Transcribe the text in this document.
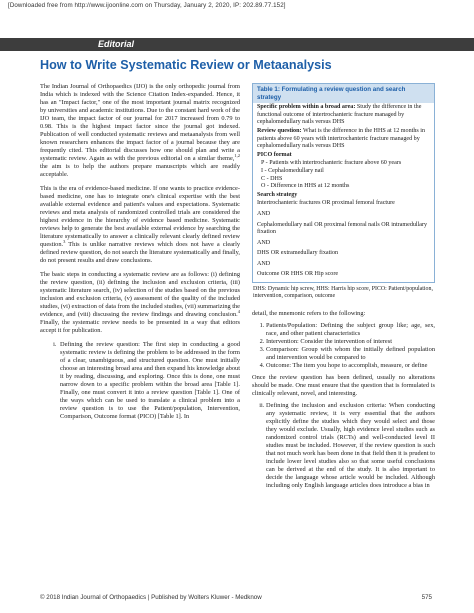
[Downloaded free from http://www.ijoonline.com on Thursday, January 2, 2020, IP: 202.89.77.152]
Editorial
How to Write Systematic Review or Metaanalysis

The Indian Journal of Orthopaedics (IJO) is the only orthopedic journal from India which is indexed with the Science Citation Index-expanded. Hence, it has an "Impact factor," one of the most important journal matrix recognized by universities and academic institutions. Due to the constant hard work of the IJO team, the impact factor of our journal for 2017 increased from 0.79 to 0.98. This is the highest impact factor since the journal got indexed. Publication of well conducted systematic reviews and metaanalysis from well known researchers enhances the impact factor of a journal because they are frequently cited. This editorial discusses how one should plan and write a systematic review. Again as with the previous editorial on a similar theme,$^{1,2}$ the aim is to help the authors prepare manuscripts which are readily acceptable.

This is the era of evidence-based medicine. If one wants to practice evidence-based medicine, one has to integrate one's clinical expertise with the best available external evidence and patient's values and expectations. Systematic reviews and meta analysis of randomized controlled trials are considered the highest evidence in the hierarchy of evidence based medicine. Systematic reviews help to generate the best available external evidence by searching the literature systematically to answer a clinically relevant clearly defined review question.$^3$ This is unlike narrative reviews which does not have a clearly defined review question, do not search the literature systematically and finally, do not present results and draw conclusions.

The basic steps in conducting a systematic review are as follows: (i) defining the review question, (ii) defining the inclusion and exclusion criteria, (iii) systematic literature search, (iv) selection of the studies based on the previous inclusion and exclusion criteria, (v) assessment of the quality of the included studies, (vi) extraction of data from the included studies, (vii) summarizing the evidence, and (viii) discussing the review findings and drawing conclusion.$^4$ Finally, the systematic review needs to be presented in a way that editors accept it for publication.

i. Defining the review question: The first step in conducting a good systematic review is defining the problem to be addressed in the form of a clear, unambiguous, and structured question. One must initially choose an interesting broad area and then expand his knowledge about it by reading, discussing, and exploring. Once this is done, one must narrow down to a specific problem within the broad area [Table 1]. Finally, one must convert it into a review question [Table 1]. One of the ways which can be used to translate a clinical problem into a review question is to use the Patient/population, Intervention, Comparison, Outcome format (PICO) [Table 1]. In
Table 1: Formulating a review question and search strategy

Specific problem within a broad area: Study the difference in the functional outcome of intertrochanteric fracture managed by cephalomedullary nails versus DHS

Review question: What is the difference in the HHS at 12 months in patients above 60 years with intertrochanteric fracture managed by cephalomedullary nails versus DHS

PICO format

P - Patients with intertrochanteric fracture above 60 years

I - Cephalomedullary nail

C - DHS

O - Difference in HHS at 12 months

Search strategy

Intertrochanteric fractures OR proximal femoral fracture

AND

Cephalomedullary nail OR proximal femoral nails OR intramedullary fixation

AND

DHS OR extramedullary fixation

AND

Outcome OR HHS OR Hip score

DHS: Dynamic hip screw, HHS: Harris hip score, PICO: Patient/population, intervention, comparison, outcome

detail, the mnemonic refers to the following:

1. Patients/Population: Defining the subject group like; age, sex, race, and other patient characteristics
2. Intervention: Consider the intervention of interest
3. Comparison: Group with whom the initially defined population and intervention would be compared to
4. Outcome: The item you hope to accomplish, measure, or define

Once the review question has been defined, usually no alterations should be made. One must ensure that the question that is formulated is clinically relevant, novel, and interesting.

ii. Defining the inclusion and exclusion criteria: When conducting any systematic review, it is very essential that the authors explicitly define the studies which they would select and those they would exclude. Usually, high evidence level studies such as randomized control trials (RCTs) and well-conducted level II studies must be included. However, if the review question is such that not much work has been done in that field then it is prudent to include lower level studies also so that some useful conclusions can be derived at the end of the study. It is also important to decide the language whose article would be included. Although including only English language articles does introduce a bias in
© 2018 Indian Journal of Orthopaedics | Published by Wolters Kluwer - Medknow	575
